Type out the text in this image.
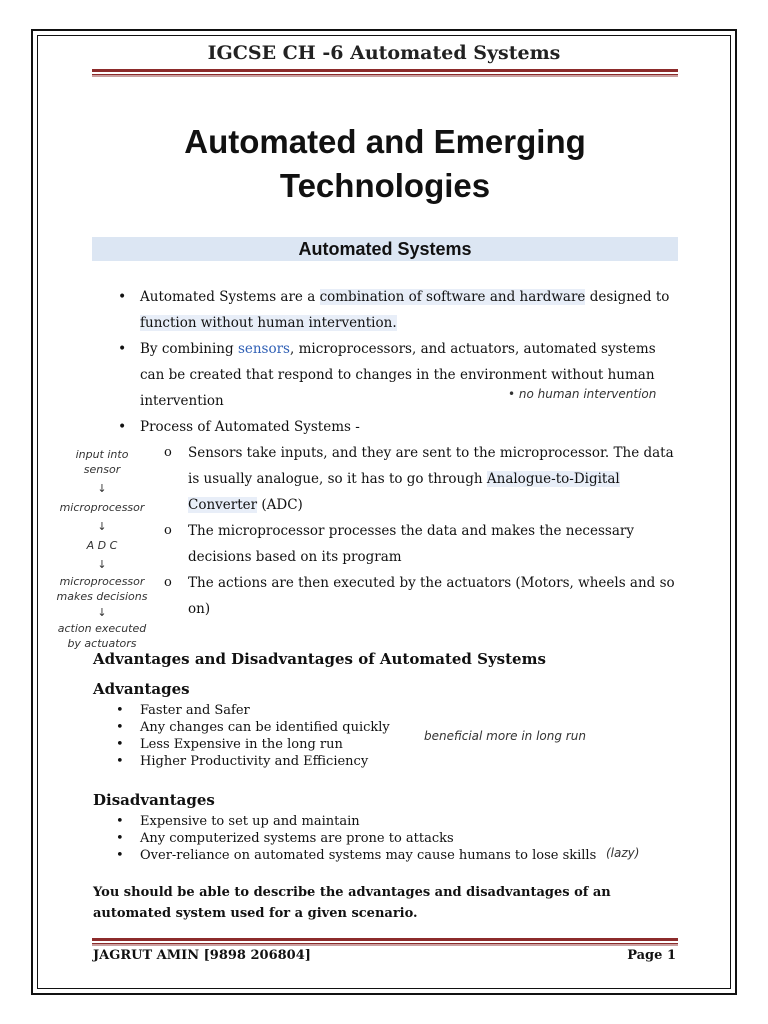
IGCSE CH -6 Automated Systems
Automated and Emerging
Technologies
Automated Systems
• Automated Systems are a combination of software and hardware designed to function without human intervention.
• By combining sensors, microprocessors, and actuators, automated systems can be created that respond to changes in the environment without human intervention
• Process of Automated Systems -
o Sensors take inputs, and they are sent to the microprocessor. The data is usually analogue, so it has to go through Analogue-to-Digital Converter (ADC)
o The microprocessor processes the data and makes the necessary decisions based on its program
o The actions are then executed by the actuators (Motors, wheels and so on)
• no human intervention
input into sensor
↓
microprocessor
↓
A D C
↓
microprocessor makes decisions
↓
action executed by actuators
Advantages and Disadvantages of Automated Systems
Advantages
• Faster and Safer
• Any changes can be identified quickly
• Less Expensive in the long run
• Higher Productivity and Efficiency
beneficial more in long run
Disadvantages
• Expensive to set up and maintain
• Any computerized systems are prone to attacks
• Over-reliance on automated systems may cause humans to lose skills (lazy)
You should be able to describe the advantages and disadvantages of an automated system used for a given scenario.
JAGRUT AMIN [9898 206804]	Page 1
